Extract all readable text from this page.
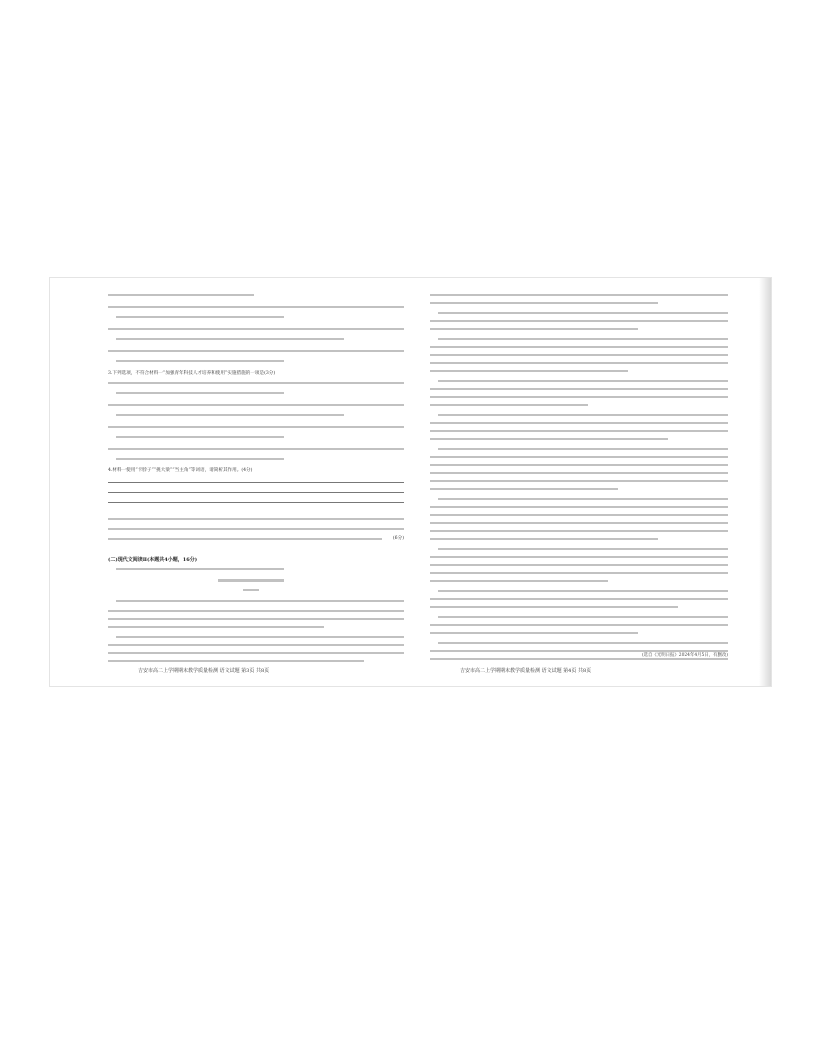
3.下列选项，不符合材料一“加强青年科技人才培养和使用”实施措施的一项是(3分)
4.材料一使用“卡脖子”“挑大梁”“当主角”等词语，请简析其作用。(4分)
(6分)
(二)现代文阅读Ⅱ(本题共4小题，16分)
吉安市高二上学期期末教学质量检测 语文试题 第3页 共8页
(选自《光明日报》2024年4月5日，有删改)
吉安市高二上学期期末教学质量检测 语文试题 第4页 共8页
